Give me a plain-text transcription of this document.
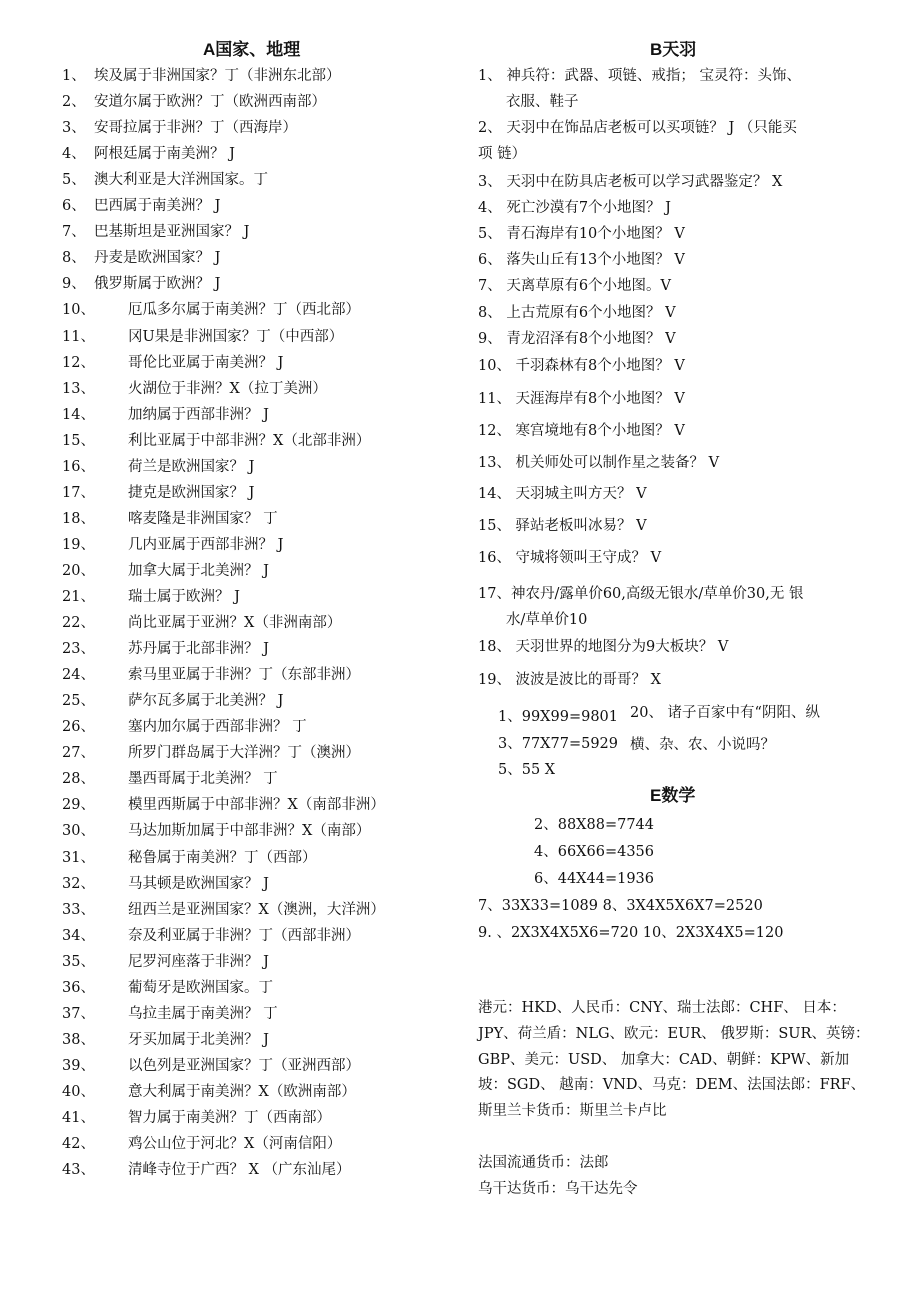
A国家、地理
1、 埃及属于非洲国家？丁（非洲东北部）
2、 安道尔属于欧洲？丁（欧洲西南部）
3、 安哥拉属于非洲？丁（西海岸）
4、 阿根廷属于南美洲？ J
5、 澳大利亚是大洋洲国家。丁
6、 巴西属于南美洲？ J
7、 巴基斯坦是亚洲国家？ J
8、 丹麦是欧洲国家？ J
9、 俄罗斯属于欧洲？ J
10、 厄瓜多尔属于南美洲？丁（西北部）
11、 冈U果是非洲国家？丁（中西部）
12、 哥伦比亚属于南美洲？ J
13、 火湖位于非洲？X（拉丁美洲）
14、 加纳属于西部非洲？ J
15、 利比亚属于中部非洲？X（北部非洲）
16、 荷兰是欧洲国家？ J
17、 捷克是欧洲国家？ J
18、 喀麦隆是非洲国家？ 丁
19、 几内亚属于西部非洲？ J
20、 加拿大属于北美洲？ J
21、 瑞士属于欧洲？ J
22、 尚比亚属于亚洲？X（非洲南部）
23、 苏丹属于北部非洲？ J
24、 索马里亚属于非洲？丁（东部非洲）
25、 萨尔瓦多属于北美洲？ J
26、 塞内加尔属于西部非洲？ 丁
27、 所罗门群岛属于大洋洲？丁（澳洲）
28、 墨西哥属于北美洲？ 丁
29、 模里西斯属于中部非洲？X（南部非洲）
30、 马达加斯加属于中部非洲？X（南部）
31、 秘鲁属于南美洲？丁（西部）
32、 马其顿是欧洲国家？ J
33、 纽西兰是亚洲国家？X（澳洲，大洋洲）
34、 奈及利亚属于非洲？丁（西部非洲）
35、 尼罗河座落于非洲？ J
36、 葡萄牙是欧洲国家。丁
37、 乌拉圭属于南美洲？ 丁
38、 牙买加属于北美洲？ J
39、 以色列是亚洲国家？丁（亚洲西部）
40、 意大利属于南美洲？X（欧洲南部）
41、 智力属于南美洲？丁（西南部）
42、 鸡公山位于河北？X（河南信阳）
43、 清峰寺位于广西？ X （广东汕尾）
B天羽
1、 神兵符：武器、项链、戒指； 宝灵符：头饰、
衣服、鞋子
2、 天羽中在饰品店老板可以买项链？ J （只能买
项 链）
3、 天羽中在防具店老板可以学习武器鉴定？ X
4、 死亡沙漠有7个小地图？ J
5、 青石海岸有10个小地图？ V
6、 落失山丘有13个小地图？ V
7、 天离草原有6个小地图。V
8、 上古荒原有6个小地图？ V
9、 青龙沼泽有8个小地图？ V
10、 千羽森林有8个小地图？ V
11、 天涯海岸有8个小地图？ V
12、 寒宫境地有8个小地图？ V
13、 机关师处可以制作星之装备？ V
14、 天羽城主叫方天？ V
15、 驿站老板叫冰易？ V
16、 守城将领叫王守成？ V
17、神农丹/露单价60,高级无银水/草单价30,无 银
水/草单价10
18、 天羽世界的地图分为9大板块？ V
19、 波波是波比的哥哥？ X
1、99X99=9801
3、77X77=5929
5、55 X
20、 诸子百家中有“阴阳、纵
横、杂、农、小说吗？
E数学
2、88X88=7744
4、66X66=4356
6、44X44=1936
7、33X33=1089 8、3X4X5X6X7=2520
9. 、2X3X4X5X6=720 10、2X3X4X5=120
港元：HKD、人民币：CNY、瑞士法郎：CHF、 日本：JPY、荷兰盾：NLG、欧元：EUR、 俄罗斯：SUR、英镑：GBP、美元：USD、 加拿大：CAD、朝鲜：KPW、新加坡：SGD、 越南：VND、马克：DEM、法国法郎：FRF、 斯里兰卡货币：斯里兰卡卢比
法国流通货币：法郎
乌干达货币：乌干达先令
